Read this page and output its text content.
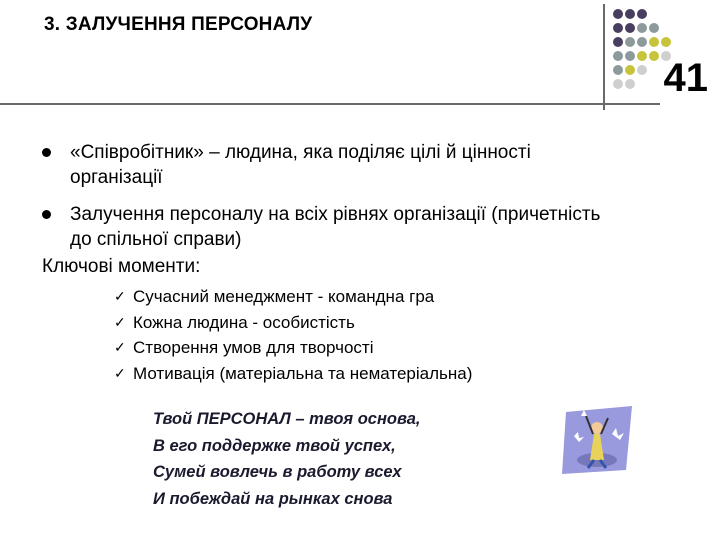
3. ЗАЛУЧЕННЯ ПЕРСОНАЛУ
41
«Співробітник» – людина, яка поділяє цілі й цінності організації
Залучення персоналу на всіх рівнях організації (причетність до спільної справи)
Ключові моменти:
✓ Сучасний менеджмент - командна гра
✓ Кожна людина - особистість
✓ Створення умов для творчості
✓ Мотивація (матеріальна та нематеріальна)
Твой ПЕРСОНАЛ – твоя основа,
В его поддержке твой успех,
Сумей вовлечь в работу всех
И побеждай на рынках снова
